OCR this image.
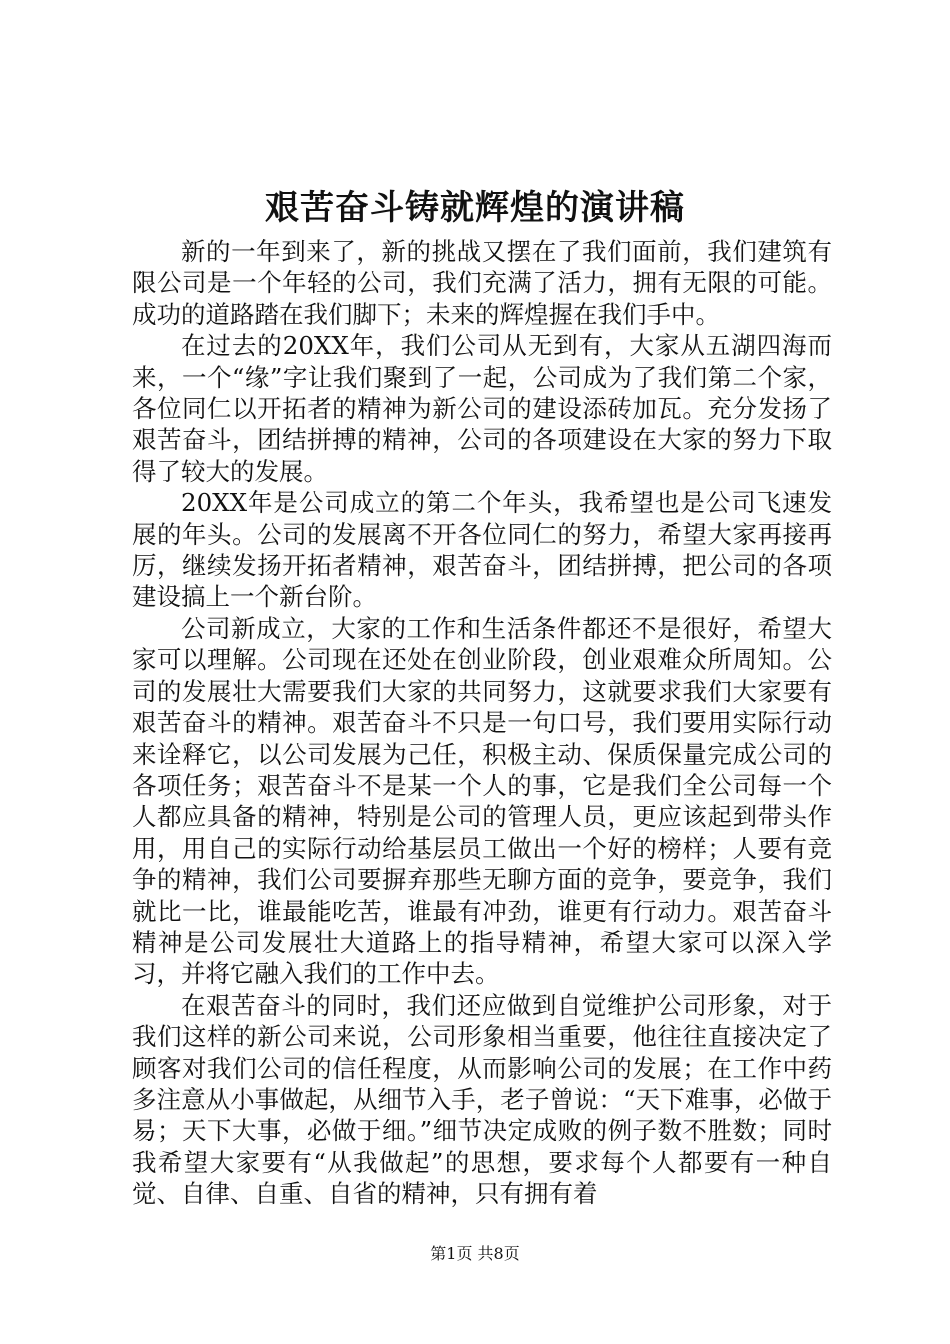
艰苦奋斗铸就辉煌的演讲稿

新的一年到来了，新的挑战又摆在了我们面前，我们建筑有限公司是一个年轻的公司，我们充满了活力，拥有无限的可能。成功的道路踏在我们脚下；未来的辉煌握在我们手中。

在过去的20XX年，我们公司从无到有，大家从五湖四海而来，一个“缘”字让我们聚到了一起，公司成为了我们第二个家，各位同仁以开拓者的精神为新公司的建设添砖加瓦。充分发扬了艰苦奋斗，团结拼搏的精神，公司的各项建设在大家的努力下取得了较大的发展。

20XX年是公司成立的第二个年头，我希望也是公司飞速发展的年头。公司的发展离不开各位同仁的努力，希望大家再接再厉，继续发扬开拓者精神，艰苦奋斗，团结拼搏，把公司的各项建设搞上一个新台阶。

公司新成立，大家的工作和生活条件都还不是很好，希望大家可以理解。公司现在还处在创业阶段，创业艰难众所周知。公司的发展壮大需要我们大家的共同努力，这就要求我们大家要有艰苦奋斗的精神。艰苦奋斗不只是一句口号，我们要用实际行动来诠释它，以公司发展为己任，积极主动、保质保量完成公司的各项任务；艰苦奋斗不是某一个人的事，它是我们全公司每一个人都应具备的精神，特别是公司的管理人员，更应该起到带头作用，用自己的实际行动给基层员工做出一个好的榜样；人要有竞争的精神，我们公司要摒弃那些无聊方面的竞争，要竞争，我们就比一比，谁最能吃苦，谁最有冲劲，谁更有行动力。艰苦奋斗精神是公司发展壮大道路上的指导精神，希望大家可以深入学习，并将它融入我们的工作中去。

在艰苦奋斗的同时，我们还应做到自觉维护公司形象，对于我们这样的新公司来说，公司形象相当重要，他往往直接决定了顾客对我们公司的信任程度，从而影响公司的发展；在工作中药多注意从小事做起，从细节入手，老子曾说：“天下难事，必做于易；天下大事，必做于细。”细节决定成败的例子数不胜数；同时我希望大家要有“从我做起”的思想，要求每个人都要有一种自觉、自律、自重、自省的精神，只有拥有着

第1页 共8页
